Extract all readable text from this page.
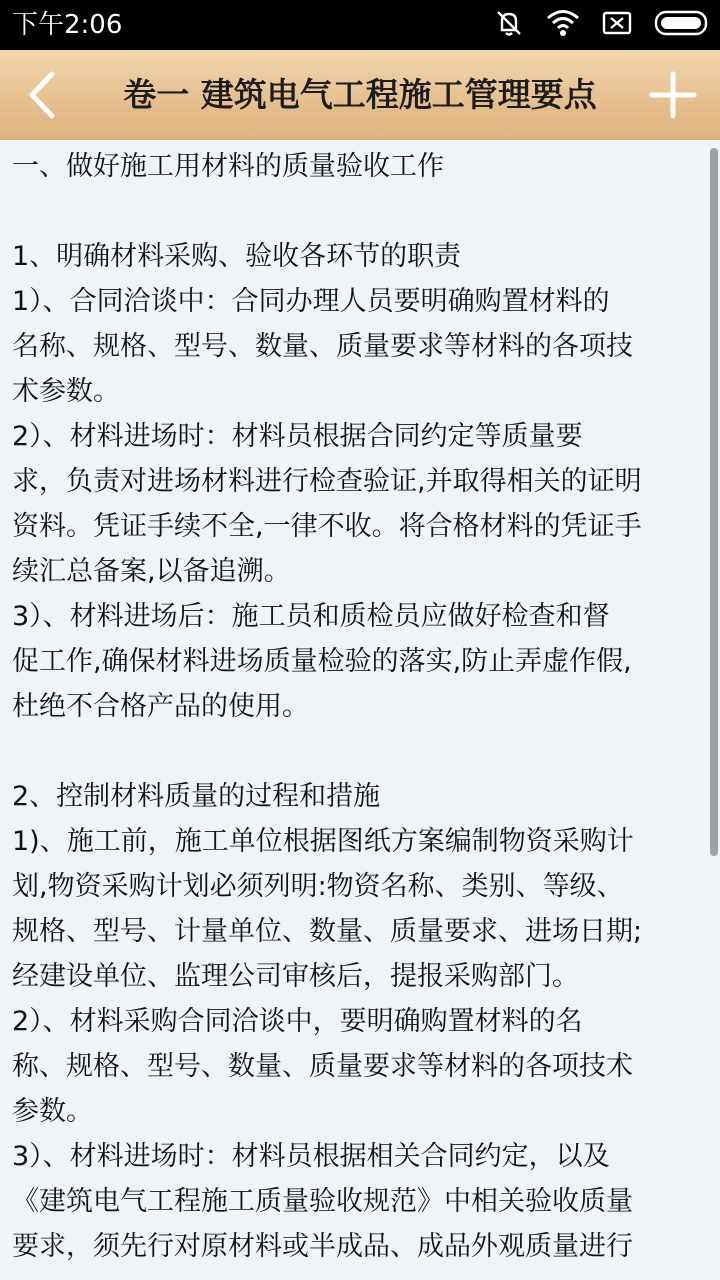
下午2:06
卷一 建筑电气工程施工管理要点
一、做好施工用材料的质量验收工作
1、明确材料采购、验收各环节的职责
1）、合同洽谈中：合同办理人员要明确购置材料的
名称、规格、型号、数量、质量要求等材料的各项技
术参数。
2）、材料进场时：材料员根据合同约定等质量要
求，负责对进场材料进行检查验证,并取得相关的证明
资料。凭证手续不全,一律不收。将合格材料的凭证手
续汇总备案,以备追溯。
3）、材料进场后：施工员和质检员应做好检查和督
促工作,确保材料进场质量检验的落实,防止弄虚作假,
杜绝不合格产品的使用。
2、控制材料质量的过程和措施
1)、施工前，施工单位根据图纸方案编制物资采购计
划,物资采购计划必须列明:物资名称、类别、等级、
规格、型号、计量单位、数量、质量要求、进场日期;
经建设单位、监理公司审核后，提报采购部门。
2）、材料采购合同洽谈中，要明确购置材料的名
称、规格、型号、数量、质量要求等材料的各项技术
参数。
3）、材料进场时：材料员根据相关合同约定，以及
《建筑电气工程施工质量验收规范》中相关验收质量
要求，须先行对原材料或半成品、成品外观质量进行
